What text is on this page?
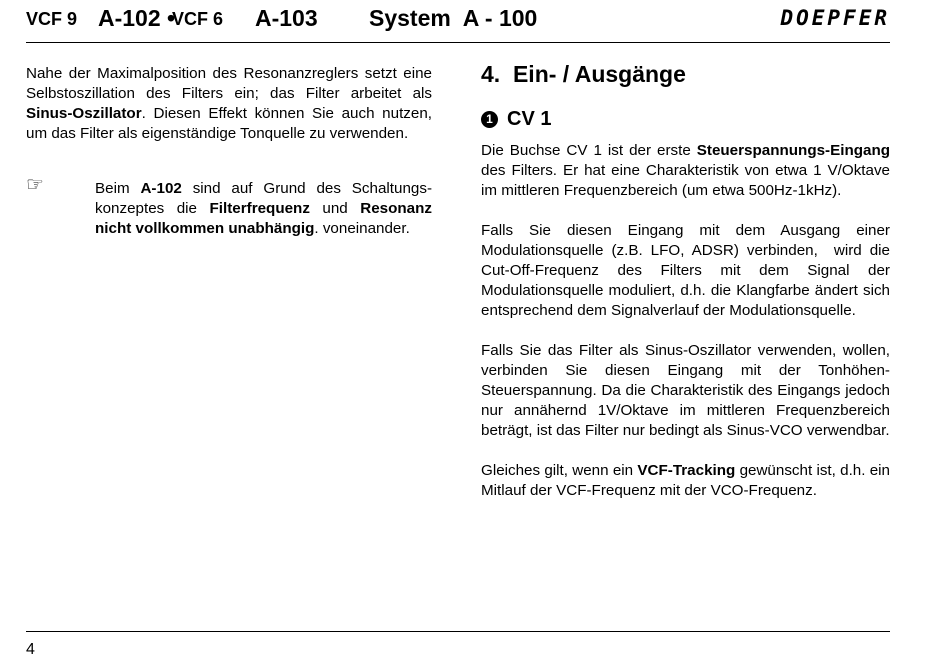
VCF 9 A-102 •
VCF 6 A-103 System  A - 100	DOEPFER

Nahe der Maximalposition des Resonanzreglers setzt eine Selbstoszillation des Filters ein; das Filter arbeitet als Sinus-Oszillator. Diesen Effekt können Sie auch nutzen, um das Filter als eigenständige Tonquelle zu verwenden.

☞	Beim A-102 sind auf Grund des Schaltungskonzeptes die Filterfrequenz und Resonanz nicht vollkommen unabhängig. voneinander.

4.  Ein- / Ausgänge
1 CV 1

Die Buchse CV 1 ist der erste Steuerspannungs-Eingang des Filters. Er hat eine Charakteristik von etwa 1 V/Oktave im mittleren Frequenzbereich (um etwa 500Hz-1kHz).

Falls Sie diesen Eingang mit dem Ausgang einer Modulationsquelle (z.B. LFO, ADSR) verbinden,  wird die Cut-Off-Frequenz des Filters mit dem Signal der Modulationsquelle moduliert, d.h. die Klangfarbe ändert sich entsprechend dem Signalverlauf der Modulationsquelle.

Falls Sie das Filter als Sinus-Oszillator verwenden, wollen, verbinden Sie diesen Eingang mit der Tonhöhen-Steuerspannung. Da die Charakteristik des Eingangs jedoch nur annähernd 1V/Oktave im mittleren Frequenzbereich beträgt, ist das Filter nur bedingt als Sinus-VCO verwendbar.

Gleiches gilt, wenn ein VCF-Tracking gewünscht ist, d.h. ein Mitlauf der VCF-Frequenz mit der VCO-Frequenz.

4
